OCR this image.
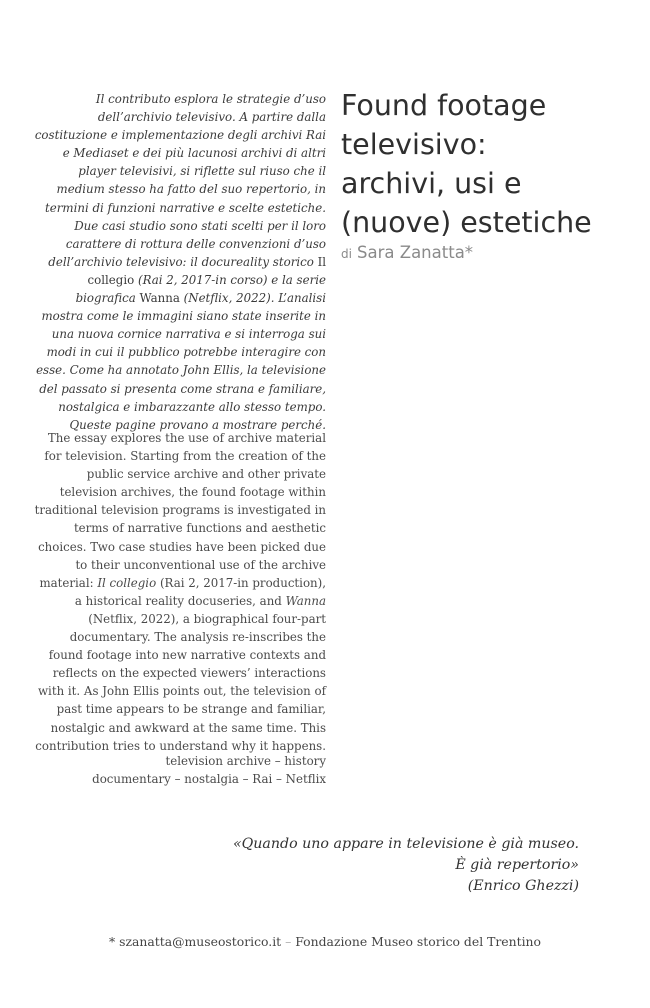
Il contributo esplora le strategie d’uso dell’archivio televisivo. A partire dalla costituzione e implementazione degli archivi Rai e Mediaset e dei più lacunosi archivi di altri player televisivi, si riflette sul riuso che il medium stesso ha fatto del suo repertorio, in termini di funzioni narrative e scelte estetiche. Due casi studio sono stati scelti per il loro carattere di rottura delle convenzioni d’uso dell’archivio televisivo: il docureality storico Il collegio (Rai 2, 2017-in corso) e la serie biografica Wanna (Netflix, 2022). L’analisi mostra come le immagini siano state inserite in una nuova cornice narrativa e si interroga sui modi in cui il pubblico potrebbe interagire con esse. Come ha annotato John Ellis, la televisione del passato si presenta come strana e familiare, nostalgica e imbarazzante allo stesso tempo. Queste pagine provano a mostrare perché.

The essay explores the use of archive material for television. Starting from the creation of the public service archive and other private television archives, the found footage within traditional television programs is investigated in terms of narrative functions and aesthetic choices. Two case studies have been picked due to their unconventional use of the archive material: Il collegio (Rai 2, 2017-in production), a historical reality docuseries, and Wanna (Netflix, 2022), a biographical four-part documentary. The analysis re-inscribes the found footage into new narrative contexts and reflects on the expected viewers’ interactions with it. As John Ellis points out, the television of past time appears to be strange and familiar, nostalgic and awkward at the same time. This contribution tries to understand why it happens.

television archive – history
documentary – nostalgia – Rai – Netflix
Found footage
televisivo:
archivi, usi e
(nuove) estetiche
di Sara Zanatta*
«Quando uno appare in televisione è già museo.
È già repertorio»
(Enrico Ghezzi)
* szanatta@museostorico.it – Fondazione Museo storico del Trentino
